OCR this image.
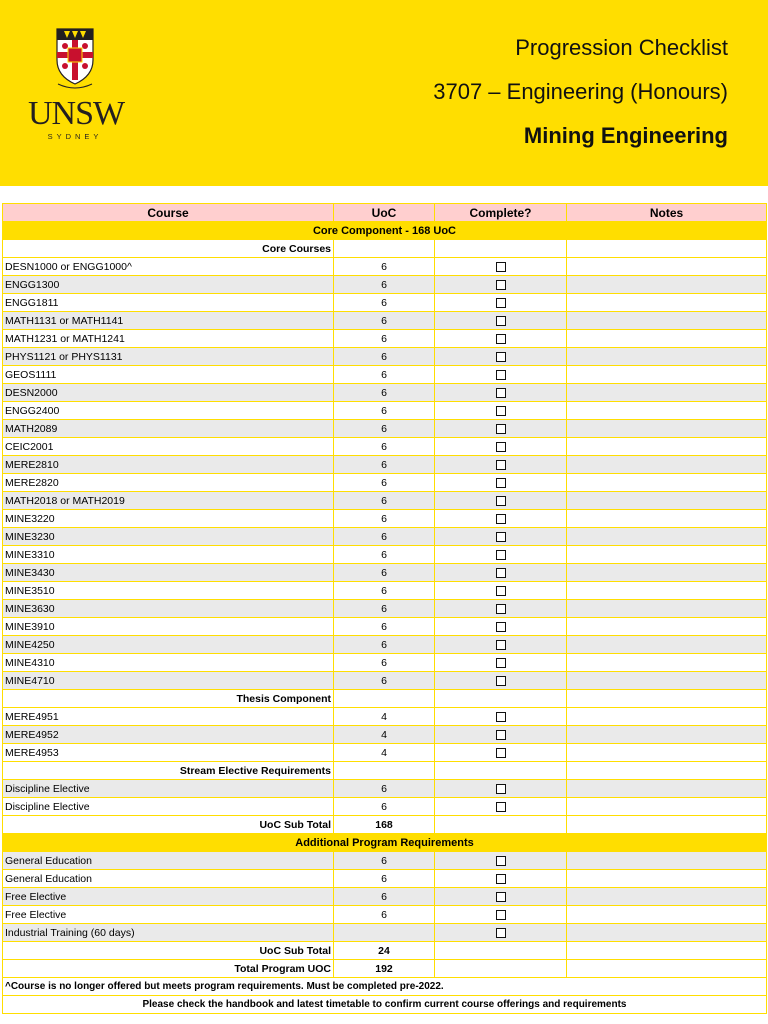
UNSW
SYDNEY
Progression Checklist
3707 – Engineering (Honours)
Mining Engineering
Course	UoC	Complete?	Notes
Core Component - 168 UoC			
Core Courses			
DESN1000 or ENGG1000^	6		
ENGG1300	6		
ENGG1811	6		
MATH1131 or MATH1141	6		
MATH1231 or MATH1241	6		
PHYS1121 or PHYS1131	6		
GEOS1111	6		
DESN2000	6		
ENGG2400	6		
MATH2089	6		
CEIC2001	6		
MERE2810	6		
MERE2820	6		
MATH2018 or MATH2019	6		
MINE3220	6		
MINE3230	6		
MINE3310	6		
MINE3430	6		
MINE3510	6		
MINE3630	6		
MINE3910	6		
MINE4250	6		
MINE4310	6		
MINE4710	6		
Thesis Component			
MERE4951	4		
MERE4952	4		
MERE4953	4		
Stream Elective Requirements			
Discipline Elective	6		
Discipline Elective	6		
UoC Sub Total	168		
Additional Program Requirements			
General Education	6		
General Education	6		
Free Elective	6		
Free Elective	6		
Industrial Training (60 days)			
UoC Sub Total	24		
Total Program UOC	192		
^Course is no longer offered but meets program requirements. Must be completed pre-2022.			
Please check the handbook and latest timetable to confirm current course offerings and requirements			
